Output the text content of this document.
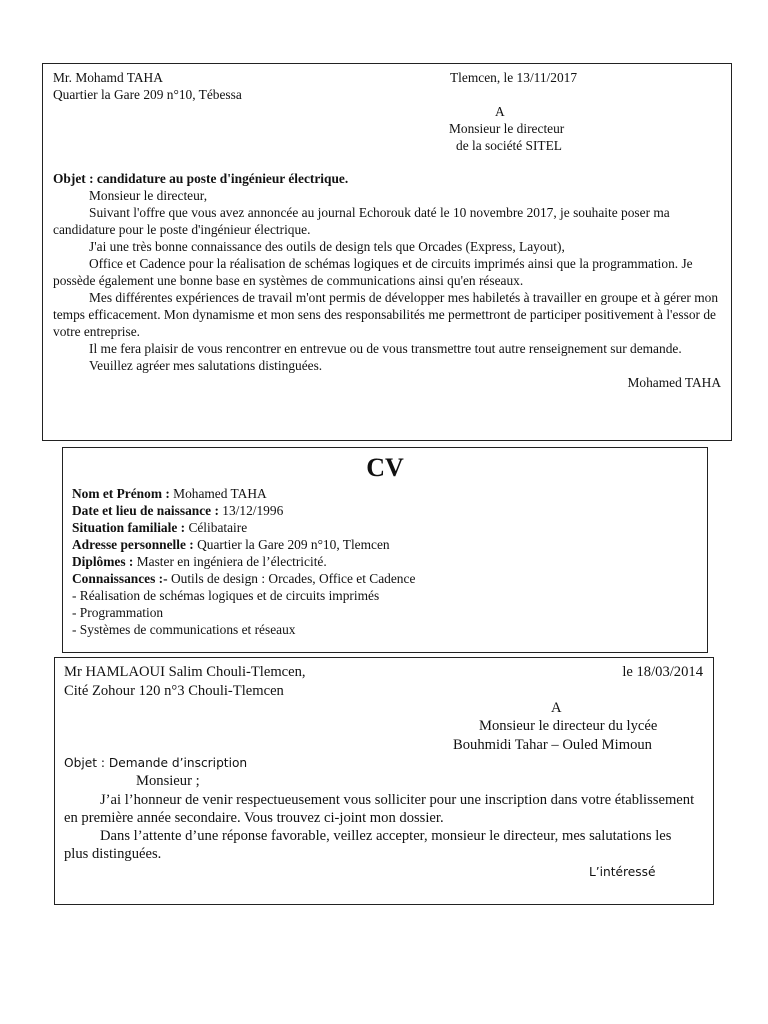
Mr. Mohamd TAHA
Quartier la Gare 209 n°10, Tébessa
Tlemcen, le 13/11/2017
A
Monsieur le directeur
de la société SITEL
Objet : candidature au poste d'ingénieur électrique.
Monsieur le directeur,
Suivant l'offre que vous avez annoncée au journal Echorouk daté le 10 novembre 2017, je souhaite poser ma candidature pour le poste d'ingénieur électrique.
J'ai une très bonne connaissance des outils de design tels que Orcades (Express, Layout),
Office et Cadence pour la réalisation de schémas logiques et de circuits imprimés ainsi que la programmation. Je possède également une bonne base en systèmes de communications ainsi qu'en réseaux.
Mes différentes expériences de travail m'ont permis de développer mes habiletés à travailler en groupe et à gérer mon temps efficacement. Mon dynamisme et mon sens des responsabilités me permettront de participer positivement à l'essor de votre entreprise.
Il me fera plaisir de vous rencontrer en entrevue ou de vous transmettre tout autre renseignement sur demande.
Veuillez agréer mes salutations distinguées.
Mohamed TAHA
CV
Nom et Prénom : Mohamed TAHA
Date et lieu de naissance : 13/12/1996
Situation familiale : Célibataire
Adresse personnelle : Quartier la Gare 209 n°10, Tlemcen
Diplômes : Master en ingéniera de l’électricité.
Connaissances :- Outils de design : Orcades, Office et Cadence
- Réalisation de schémas logiques et de circuits imprimés
- Programmation
- Systèmes de communications et réseaux
Mr HAMLAOUI Salim Chouli-Tlemcen,
Cité Zohour 120 n°3 Chouli-Tlemcen
le 18/03/2014
A
Monsieur le directeur du lycée
Bouhmidi Tahar – Ouled Mimoun
Objet : Demande d’inscription
Monsieur ;
J’ai l’honneur de venir respectueusement vous solliciter pour une inscription dans votre établissement en première année secondaire. Vous trouvez ci-joint mon dossier.
Dans l’attente d’une réponse favorable, veillez accepter, monsieur le directeur, mes salutations les plus distinguées.
L’intéressé
